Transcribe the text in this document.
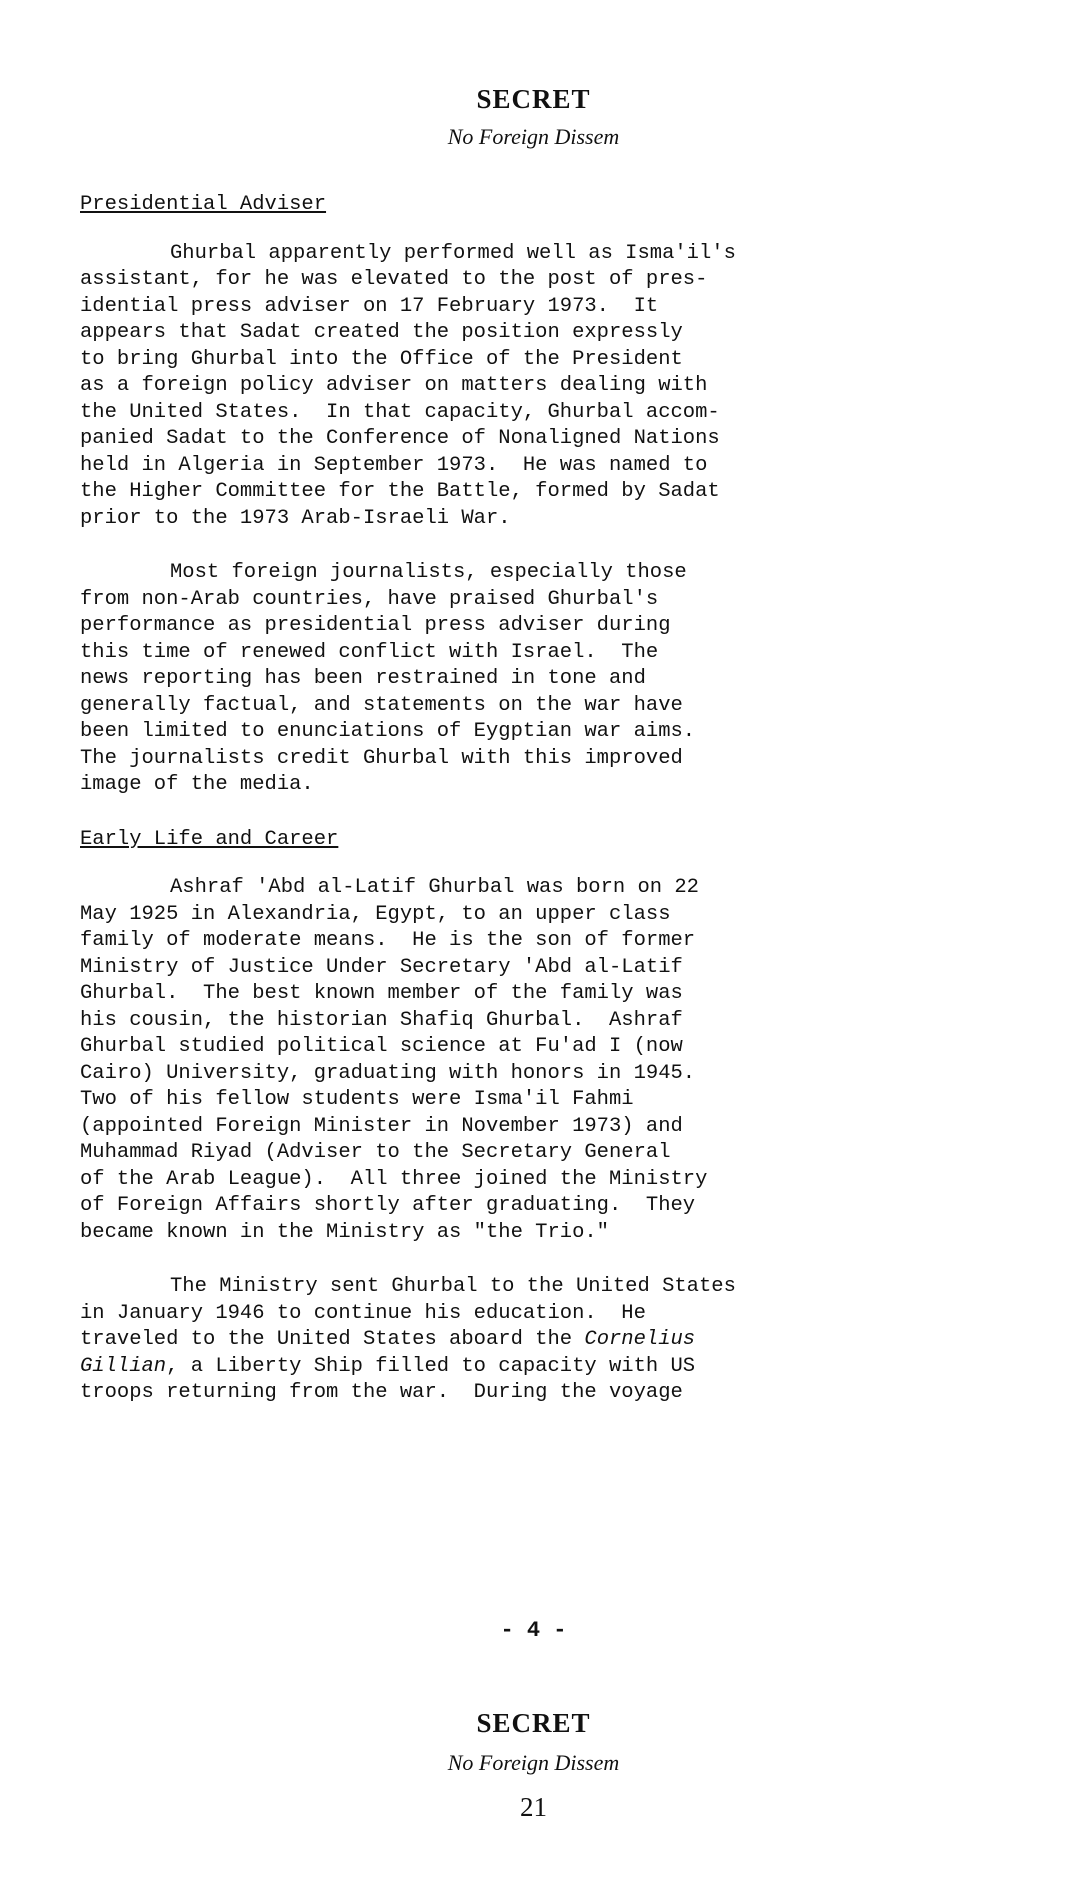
SECRET
No Foreign Dissem

Presidential Adviser

Ghurbal apparently performed well as Isma'il's
assistant, for he was elevated to the post of pres-
idential press adviser on 17 February 1973.  It
appears that Sadat created the position expressly
to bring Ghurbal into the Office of the President
as a foreign policy adviser on matters dealing with
the United States.  In that capacity, Ghurbal accom-
panied Sadat to the Conference of Nonaligned Nations
held in Algeria in September 1973.  He was named to
the Higher Committee for the Battle, formed by Sadat
prior to the 1973 Arab-Israeli War.

Most foreign journalists, especially those
from non-Arab countries, have praised Ghurbal's
performance as presidential press adviser during
this time of renewed conflict with Israel.  The
news reporting has been restrained in tone and
generally factual, and statements on the war have
been limited to enunciations of Eygptian war aims.
The journalists credit Ghurbal with this improved
image of the media.

Early Life and Career

Ashraf 'Abd al-Latif Ghurbal was born on 22
May 1925 in Alexandria, Egypt, to an upper class
family of moderate means.  He is the son of former
Ministry of Justice Under Secretary 'Abd al-Latif
Ghurbal.  The best known member of the family was
his cousin, the historian Shafiq Ghurbal.  Ashraf
Ghurbal studied political science at Fu'ad I (now
Cairo) University, graduating with honors in 1945.
Two of his fellow students were Isma'il Fahmi
(appointed Foreign Minister in November 1973) and
Muhammad Riyad (Adviser to the Secretary General
of the Arab League).  All three joined the Ministry
of Foreign Affairs shortly after graduating.  They
became known in the Ministry as "the Trio."

The Ministry sent Ghurbal to the United States
in January 1946 to continue his education.  He
traveled to the United States aboard the Cornelius
Gillian, a Liberty Ship filled to capacity with US
troops returning from the war.  During the voyage

- 4 -
SECRET
No Foreign Dissem
21
